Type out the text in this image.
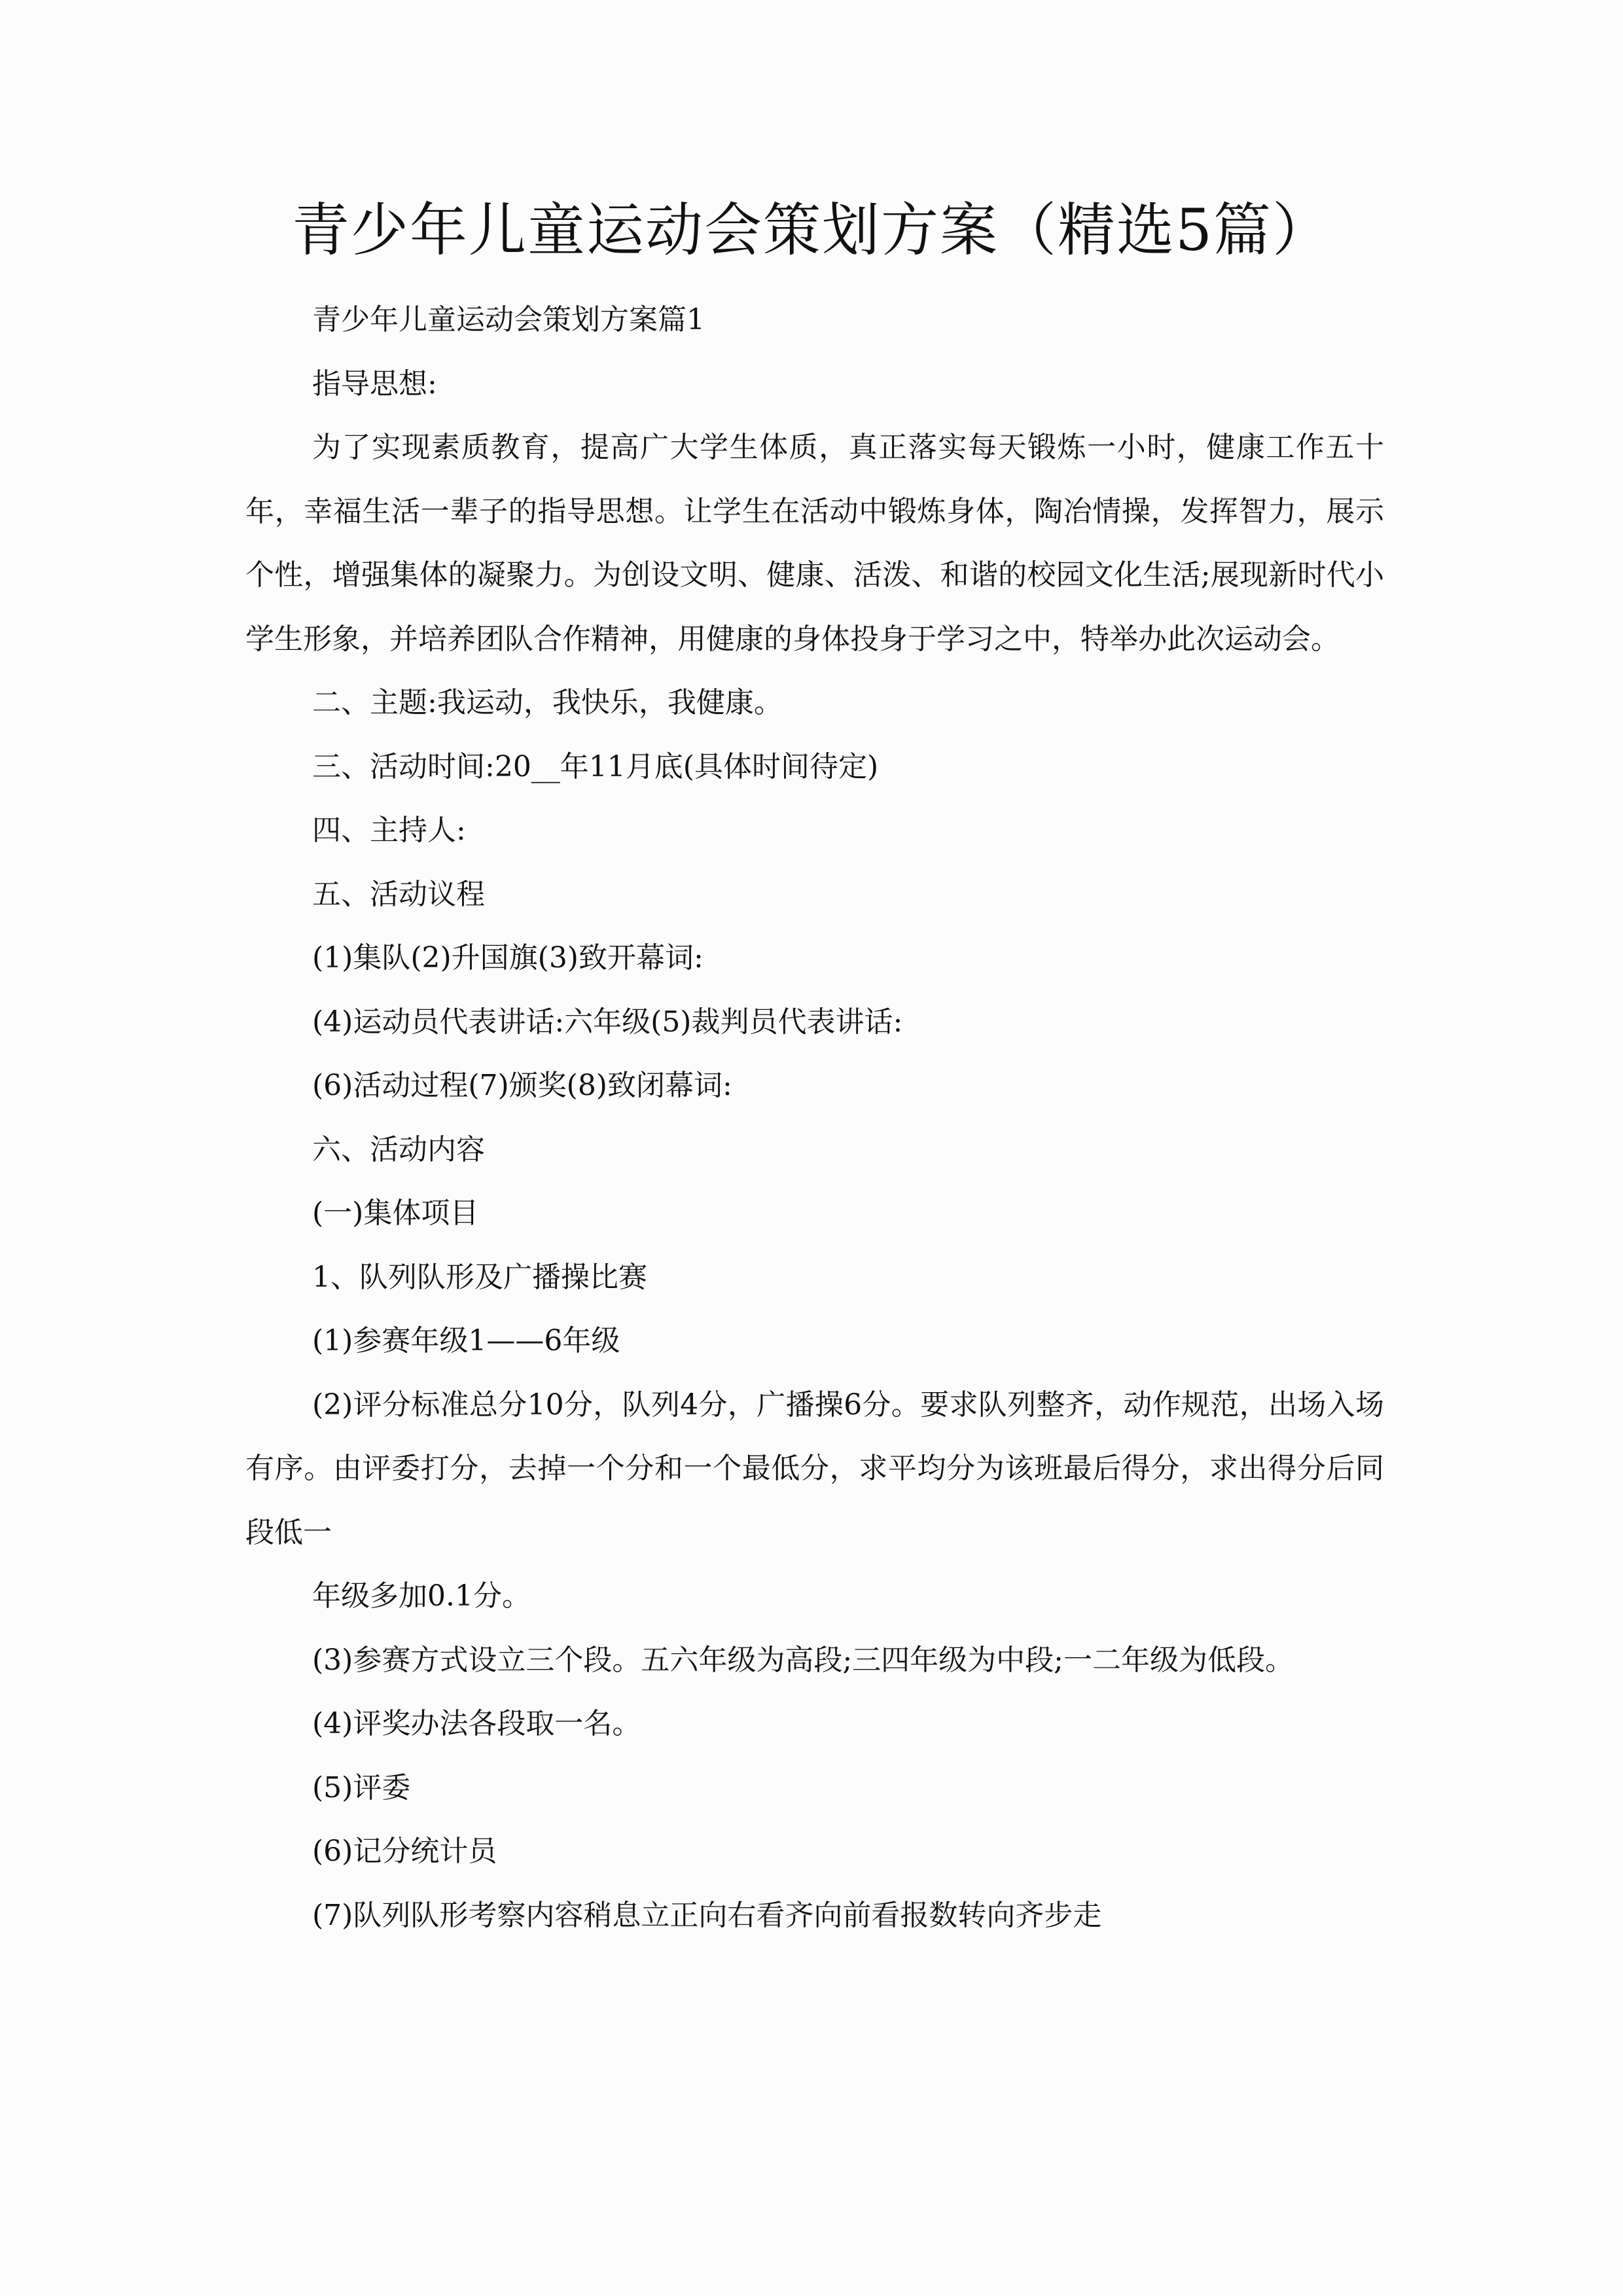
青少年儿童运动会策划方案（精选5篇）

青少年儿童运动会策划方案篇1

指导思想:

为了实现素质教育，提高广大学生体质，真正落实每天锻炼一小时，健康工作五十年，幸福生活一辈子的指导思想。让学生在活动中锻炼身体，陶冶情操，发挥智力，展示个性，增强集体的凝聚力。为创设文明、健康、活泼、和谐的校园文化生活;展现新时代小学生形象，并培养团队合作精神，用健康的身体投身于学习之中，特举办此次运动会。

二、主题:我运动，我快乐，我健康。

三、活动时间:20__年11月底(具体时间待定)

四、主持人:

五、活动议程

(1)集队(2)升国旗(3)致开幕词:

(4)运动员代表讲话:六年级(5)裁判员代表讲话:

(6)活动过程(7)颁奖(8)致闭幕词:

六、活动内容

(一)集体项目

1、队列队形及广播操比赛

(1)参赛年级1——6年级

(2)评分标准总分10分，队列4分，广播操6分。要求队列整齐，动作规范，出场入场有序。由评委打分，去掉一个分和一个最低分，求平均分为该班最后得分，求出得分后同段低一

年级多加0.1分。

(3)参赛方式设立三个段。五六年级为高段;三四年级为中段;一二年级为低段。

(4)评奖办法各段取一名。

(5)评委

(6)记分统计员

(7)队列队形考察内容稍息立正向右看齐向前看报数转向齐步走
